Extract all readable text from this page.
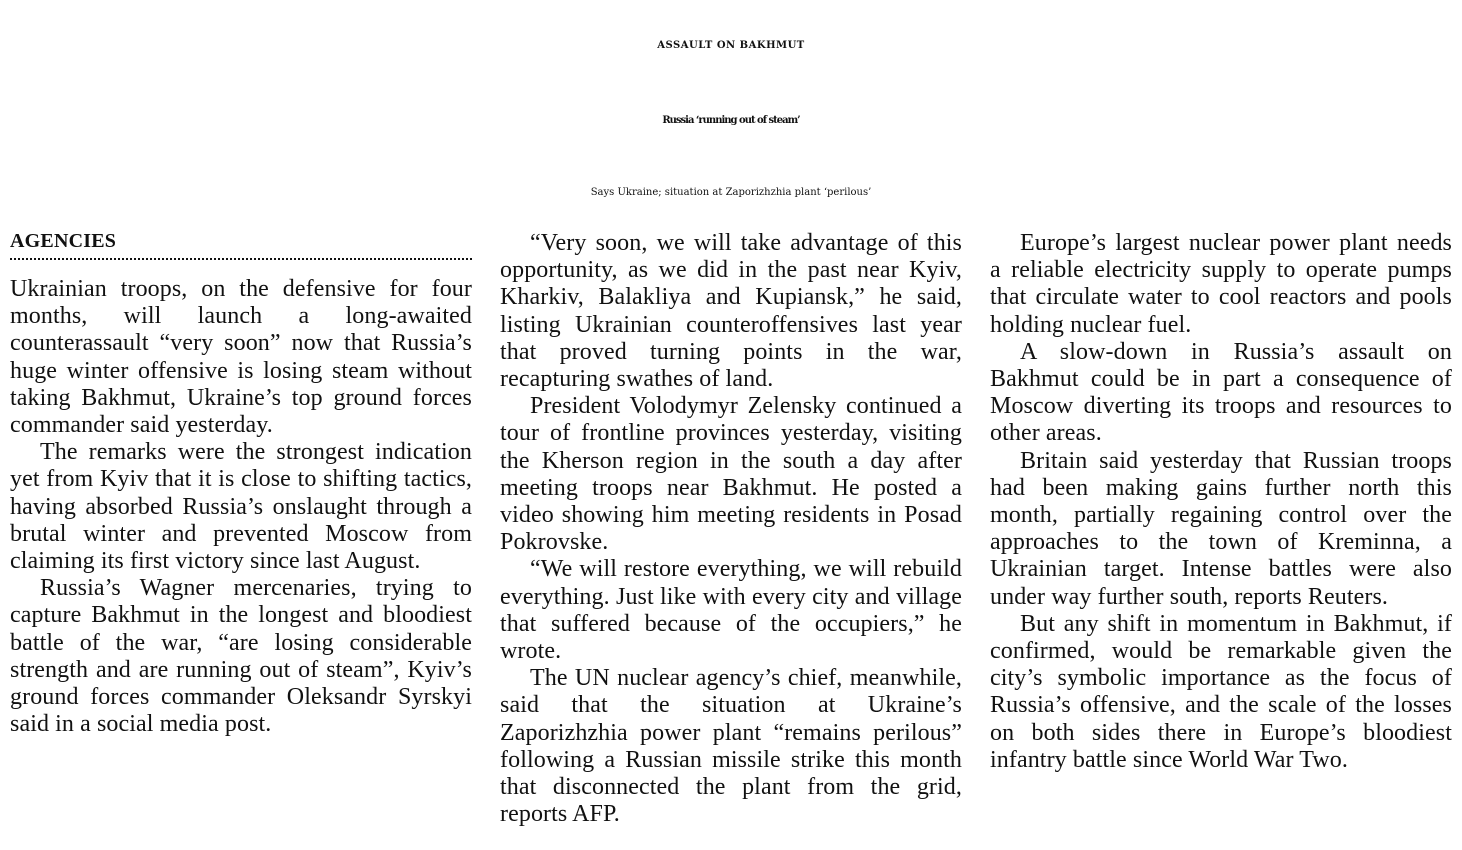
ASSAULT ON BAKHMUT
Russia ‘running out of steam’
Says Ukraine; situation at Zaporizhzhia plant ‘perilous’
AGENCIES

Ukrainian troops, on the defensive for four months, will launch a long-awaited counterassault “very soon” now that Russia’s huge winter offensive is losing steam without taking Bakhmut, Ukraine’s top ground forces commander said yesterday.

The remarks were the strongest indication yet from Kyiv that it is close to shifting tactics, having absorbed Russia’s onslaught through a brutal winter and prevented Moscow from claiming its first victory since last August.

Russia’s Wagner mercenaries, trying to capture Bakhmut in the longest and bloodiest battle of the war, “are losing considerable strength and are running out of steam”, Kyiv’s ground forces commander Oleksandr Syrskyi said in a social media post.

“Very soon, we will take advantage of this opportunity, as we did in the past near Kyiv, Kharkiv, Balakliya and Kupiansk,” he said, listing Ukrainian counteroffensives last year that proved turning points in the war, recapturing swathes of land.

President Volodymyr Zelensky continued a tour of frontline provinces yesterday, visiting the Kherson region in the south a day after meeting troops near Bakhmut. He posted a video showing him meeting residents in Posad Pokrovske.

“We will restore everything, we will rebuild everything. Just like with every city and village that suffered because of the occupiers,” he wrote.

The UN nuclear agency’s chief, meanwhile, said that the situation at Ukraine’s Zaporizhzhia power plant “remains perilous” following a Russian missile strike this month that disconnected the plant from the grid, reports AFP.

Europe’s largest nuclear power plant needs a reliable electricity supply to operate pumps that circulate water to cool reactors and pools holding nuclear fuel.

A slow-down in Russia’s assault on Bakhmut could be in part a consequence of Moscow diverting its troops and resources to other areas.

Britain said yesterday that Russian troops had been making gains further north this month, partially regaining control over the approaches to the town of Kreminna, a Ukrainian target. Intense battles were also under way further south, reports Reuters.

But any shift in momentum in Bakhmut, if confirmed, would be remarkable given the city’s symbolic importance as the focus of Russia’s offensive, and the scale of the losses on both sides there in Europe’s bloodiest infantry battle since World War Two.
